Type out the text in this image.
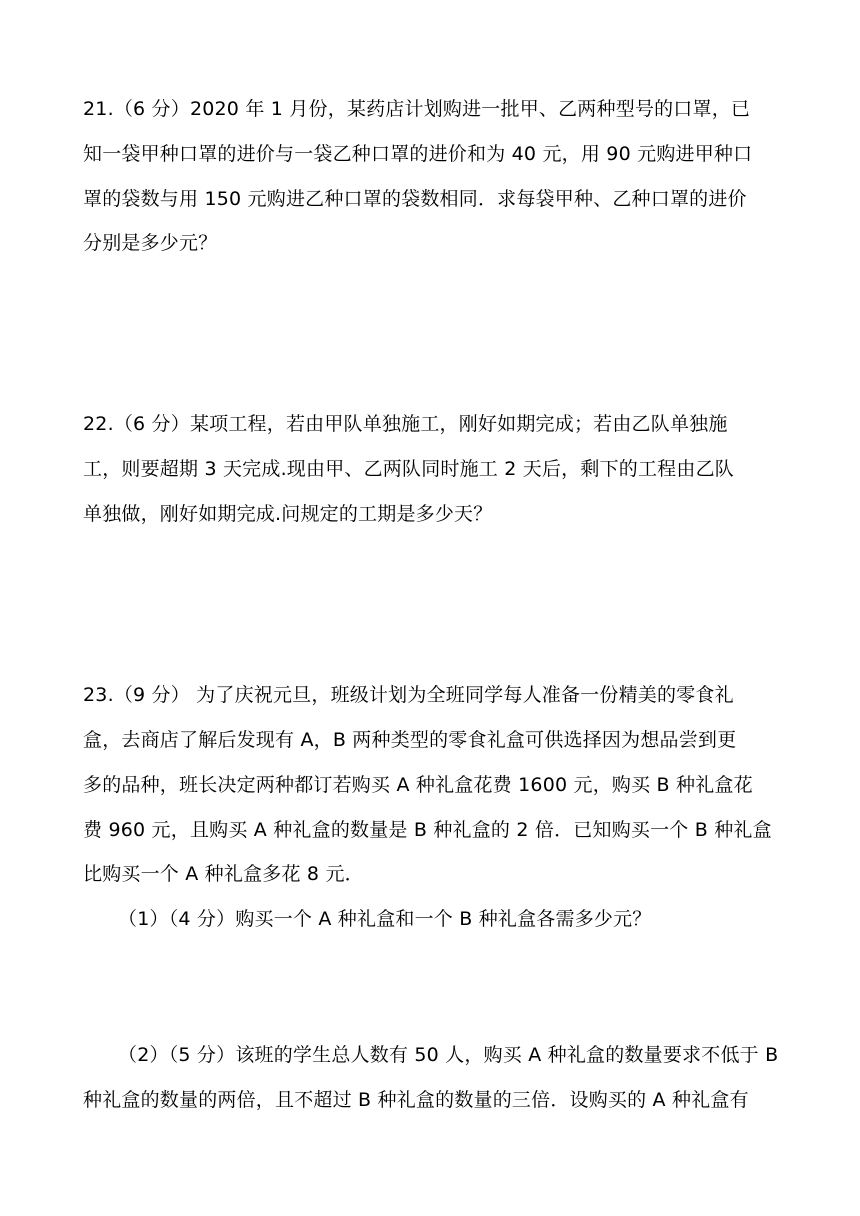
21.（6 分）2020 年 1 月份，某药店计划购进一批甲、乙两种型号的口罩，已
知一袋甲种口罩的进价与一袋乙种口罩的进价和为 40 元，用 90 元购进甲种口
罩的袋数与用 150 元购进乙种口罩的袋数相同．求每袋甲种、乙种口罩的进价
分别是多少元？
22.（6 分）某项工程，若由甲队单独施工，刚好如期完成；若由乙队单独施
工，则要超期 3 天完成.现由甲、乙两队同时施工 2 天后，剩下的工程由乙队
单独做，刚好如期完成.问规定的工期是多少天？
23.（9 分） 为了庆祝元旦，班级计划为全班同学每人准备一份精美的零食礼
盒，去商店了解后发现有 A，B 两种类型的零食礼盒可供选择因为想品尝到更
多的品种，班长决定两种都订若购买 A 种礼盒花费 1600 元，购买 B 种礼盒花
费 960 元，且购买 A 种礼盒的数量是 B 种礼盒的 2 倍．已知购买一个 B 种礼盒
比购买一个 A 种礼盒多花 8 元．
（1）（4 分）购买一个 A 种礼盒和一个 B 种礼盒各需多少元？
（2）（5 分）该班的学生总人数有 50 人，购买 A 种礼盒的数量要求不低于 B
种礼盒的数量的两倍，且不超过 B 种礼盒的数量的三倍．设购买的 A 种礼盒有
